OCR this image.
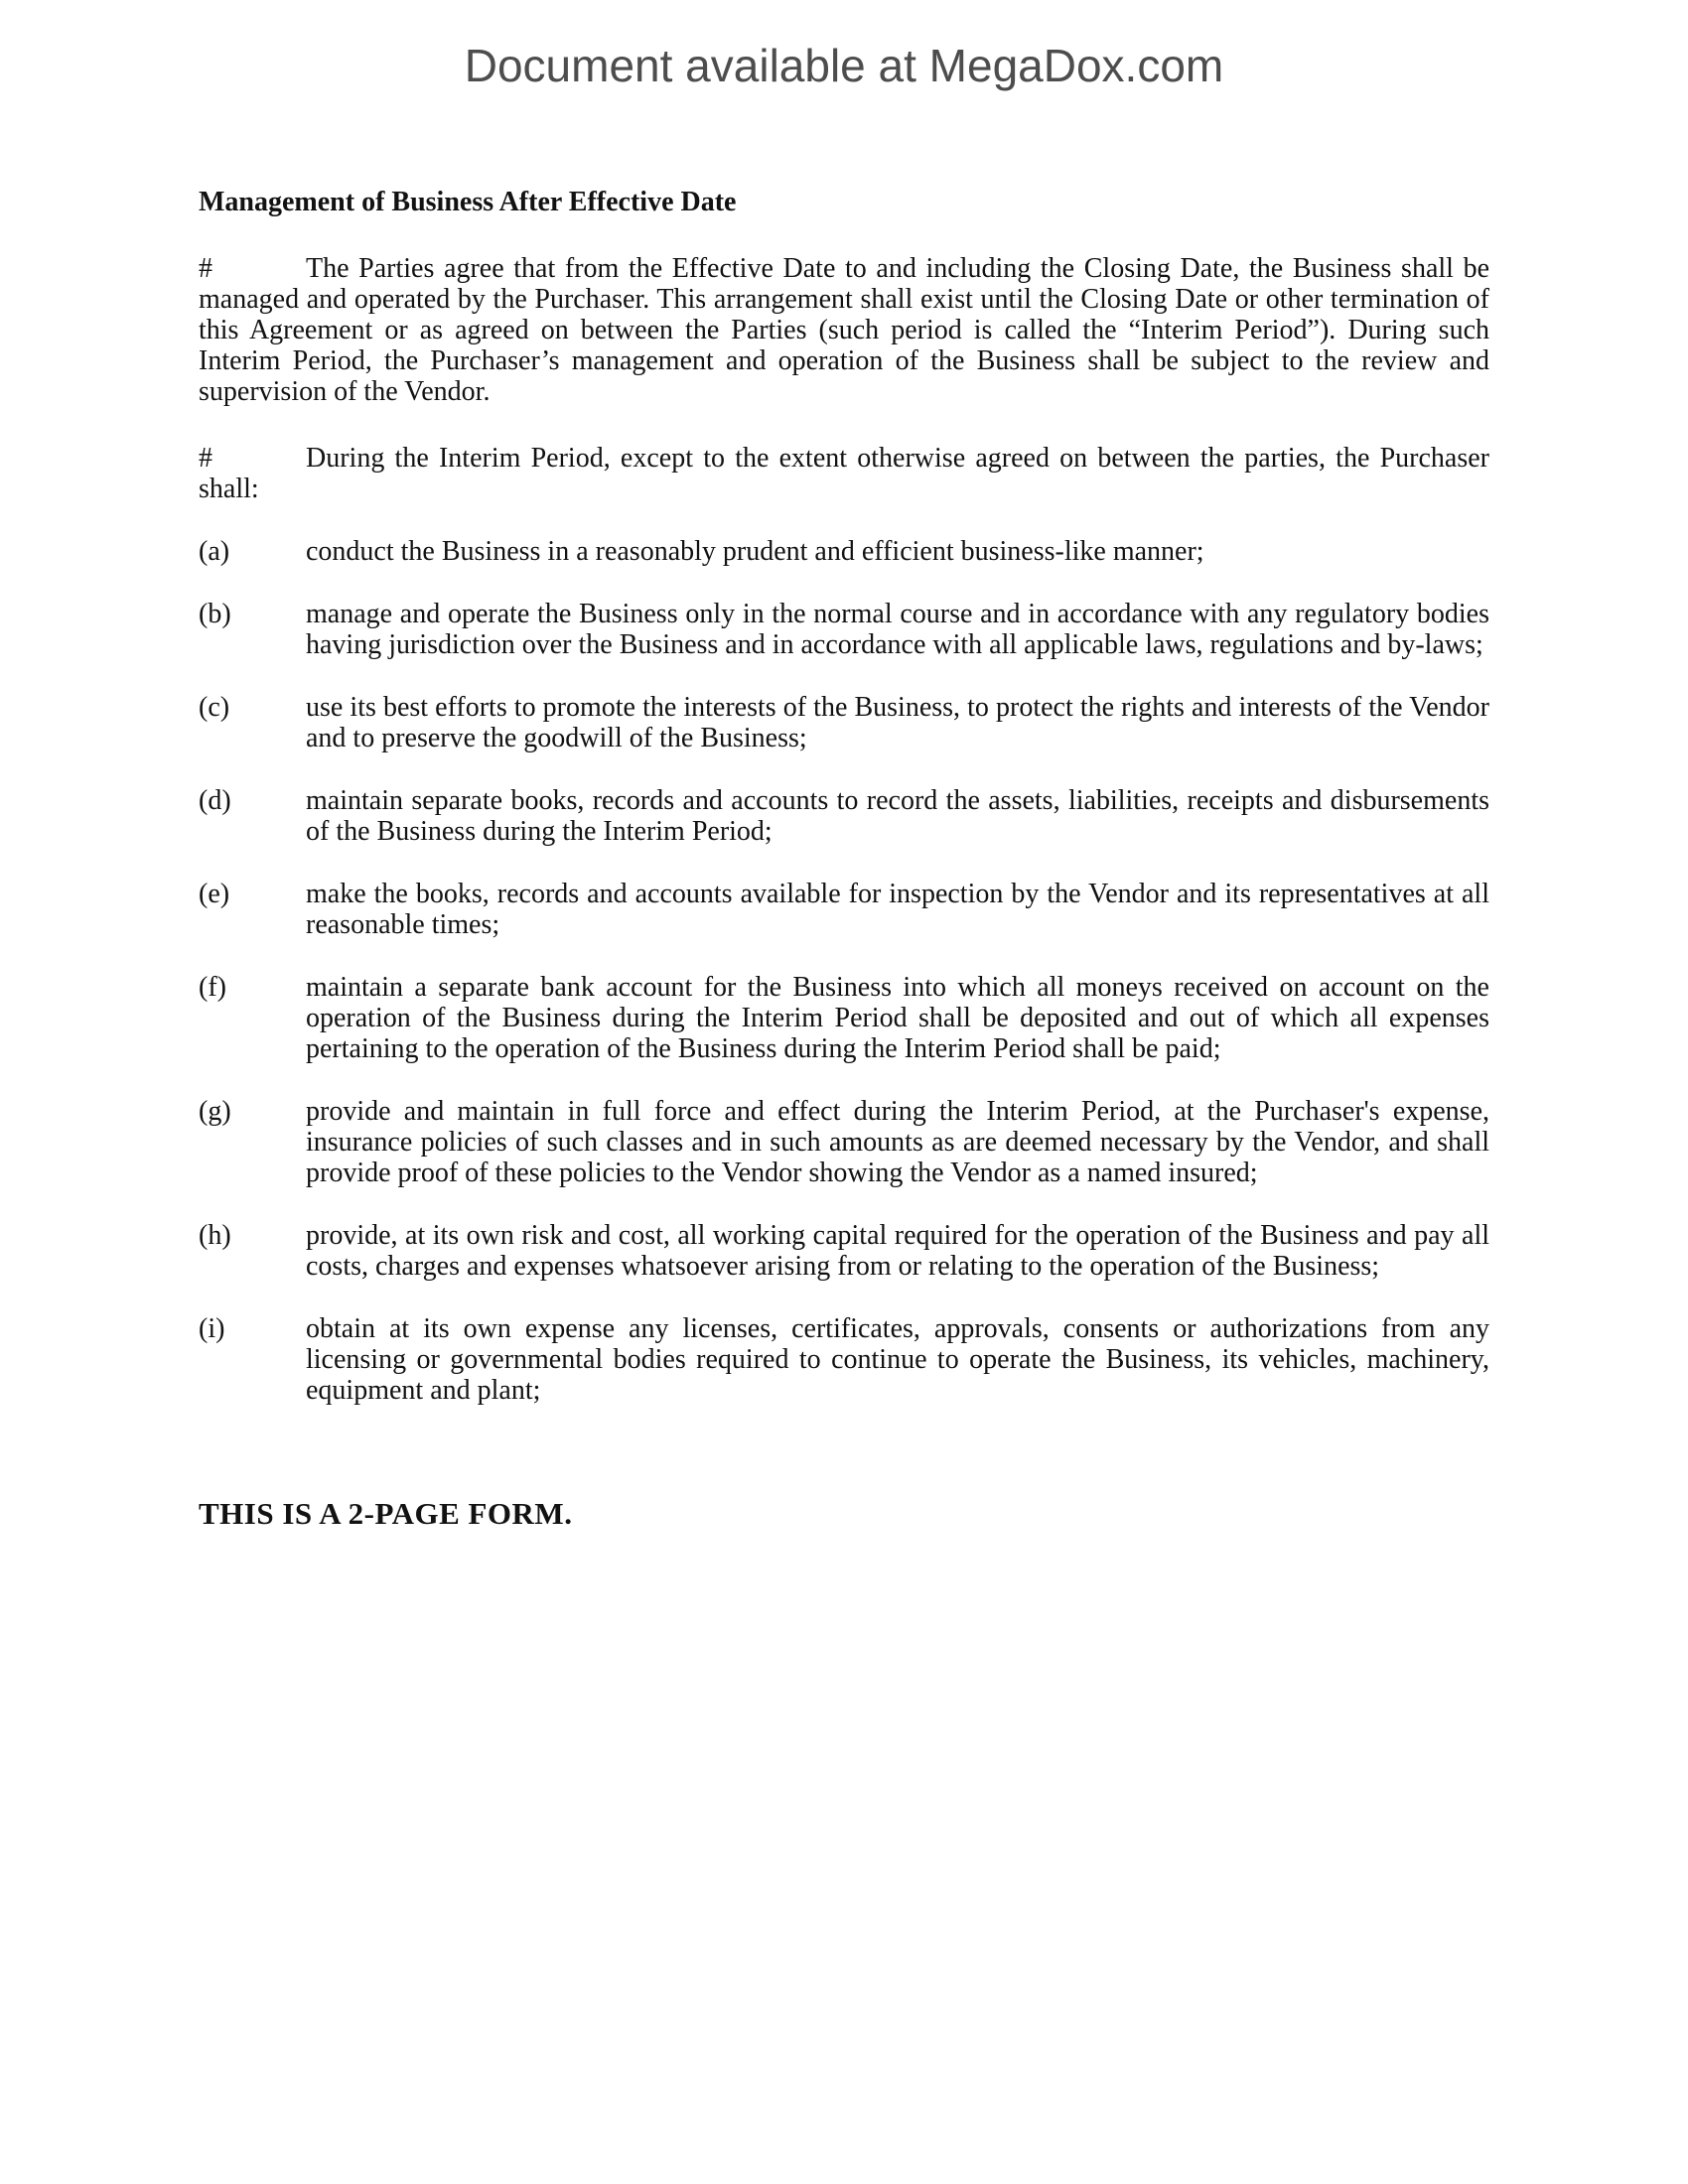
Document available at MegaDox.com
Management of Business After Effective Date

#	The Parties agree that from the Effective Date to and including the Closing Date, the Business shall be managed and operated by the Purchaser. This arrangement shall exist until the Closing Date or other termination of this Agreement or as agreed on between the Parties (such period is called the “Interim Period”). During such Interim Period, the Purchaser’s management and operation of the Business shall be subject to the review and supervision of the Vendor.

#	During the Interim Period, except to the extent otherwise agreed on between the parties, the Purchaser shall:

(a)	conduct the Business in a reasonably prudent and efficient business-like manner;
(b)	manage and operate the Business only in the normal course and in accordance with any regulatory bodies having jurisdiction over the Business and in accordance with all applicable laws, regulations and by-laws;
(c)	use its best efforts to promote the interests of the Business, to protect the rights and interests of the Vendor and to preserve the goodwill of the Business;
(d)	maintain separate books, records and accounts to record the assets, liabilities, receipts and disbursements of the Business during the Interim Period;
(e)	make the books, records and accounts available for inspection by the Vendor and its representatives at all reasonable times;
(f)	maintain a separate bank account for the Business into which all moneys received on account on the operation of the Business during the Interim Period shall be deposited and out of which all expenses pertaining to the operation of the Business during the Interim Period shall be paid;
(g)	provide and maintain in full force and effect during the Interim Period, at the Purchaser's expense, insurance policies of such classes and in such amounts as are deemed necessary by the Vendor, and shall provide proof of these policies to the Vendor showing the Vendor as a named insured;
(h)	provide, at its own risk and cost, all working capital required for the operation of the Business and pay all costs, charges and expenses whatsoever arising from or relating to the operation of the Business;
(i)	obtain at its own expense any licenses, certificates, approvals, consents or authorizations from any licensing or governmental bodies required to continue to operate the Business, its vehicles, machinery, equipment and plant;
THIS IS A 2-PAGE FORM.
